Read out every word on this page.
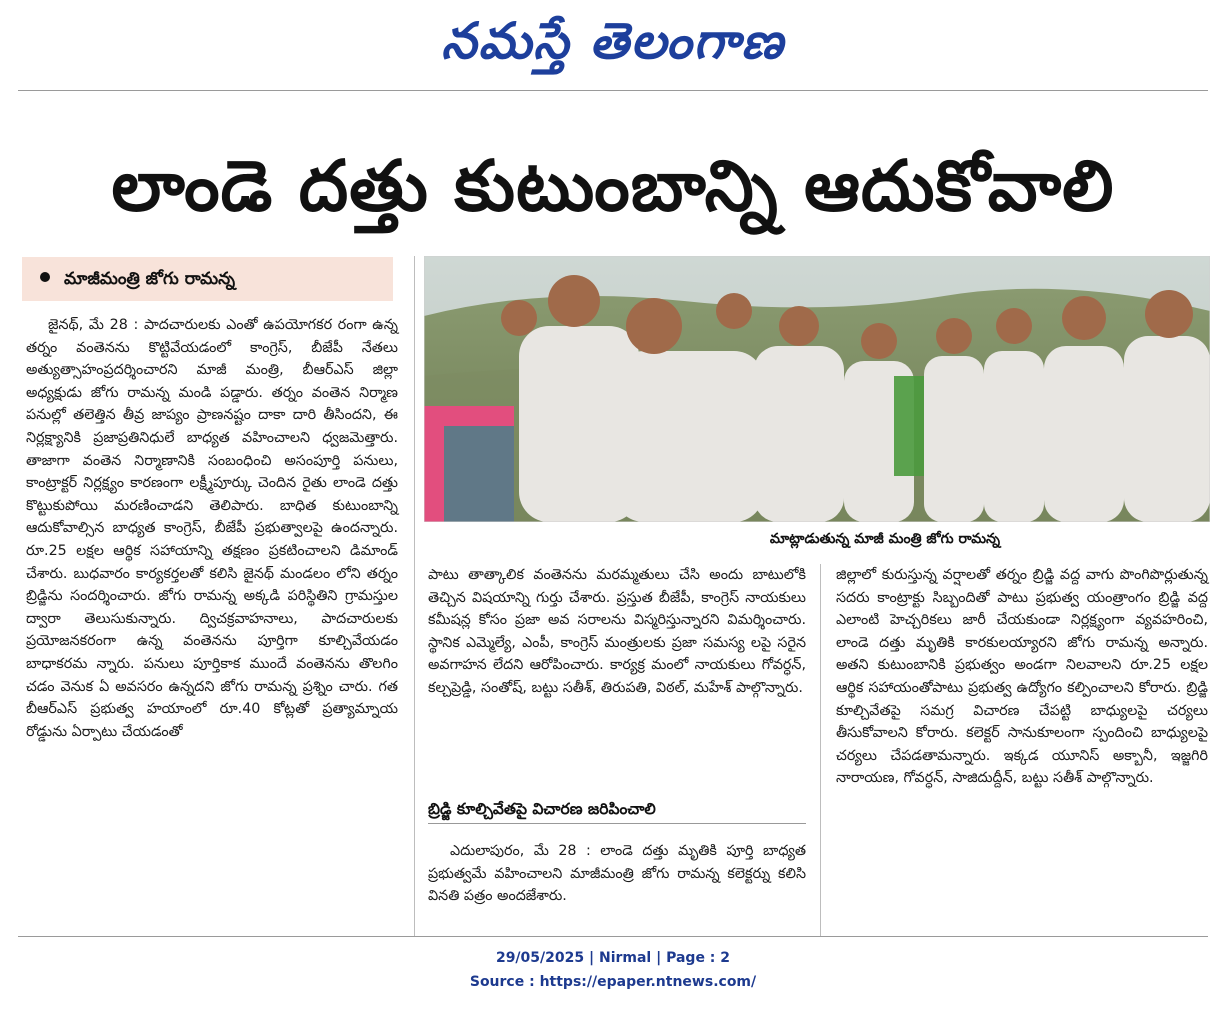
నమస్తే తెలంగాణ
లాండె దత్తు కుటుంబాన్ని ఆదుకోవాలి
మాజీమంత్రి జోగు రామన్న
మాట్లాడుతున్న మాజీ మంత్రి జోగు రామన్న

జైనథ్, మే 28 : పాదచారులకు ఎంతో ఉపయోగకర రంగా ఉన్న తర్నం వంతెనను కొట్టివేయడంలో కాంగ్రెస్, బీజేపీ నేతలు అత్యుత్సాహంప్రదర్శించారని మాజీ మంత్రి, బీఆర్ఎస్ జిల్లా అధ్యక్షుడు జోగు రామన్న మండి పడ్డారు. తర్నం వంతెన నిర్మాణ పనుల్లో తలెత్తిన తీవ్ర జాప్యం ప్రాణనష్టం దాకా దారి తీసిందని, ఈ నిర్లక్ష్యానికి ప్రజాప్రతినిధులే బాధ్యత వహించాలని ధ్వజమెత్తారు. తాజాగా వంతెన నిర్మాణానికి సంబంధించి అసంపూర్తి పనులు, కాంట్రాక్టర్ నిర్లక్ష్యం కారణంగా లక్ష్మీపూర్కు చెందిన రైతు లాండె దత్తు కొట్టుకుపోయి మరణించాడని తెలిపారు. బాధిత కుటుంబాన్ని ఆదుకోవాల్సిన బాధ్యత కాంగ్రెస్, బీజేపీ ప్రభుత్వాలపై ఉందన్నారు. రూ.25 లక్షల ఆర్థిక సహాయాన్ని తక్షణం ప్రకటించాలని డిమాండ్ చేశారు. బుధవారం కార్యకర్తలతో కలిసి జైనథ్ మండలం లోని తర్నం బ్రిడ్జిను సందర్శించారు. జోగు రామన్న అక్కడి పరిస్థితిని గ్రామస్తుల ద్వారా తెలుసుకున్నారు. ద్విచక్రవాహనాలు, పాదచారులకు ప్రయోజనకరంగా ఉన్న వంతెనను పూర్తిగా కూల్చివేయడం బాధాకరమ న్నారు. పనులు పూర్తికాక ముందే వంతెనను తొలగిం చడం వెనుక ఏ అవసరం ఉన్నదని జోగు రామన్న ప్రశ్నిం చారు. గత బీఆర్ఎస్ ప్రభుత్వ హయాంలో రూ.40 కోట్లతో ప్రత్యామ్నాయ రోడ్డును ఏర్పాటు చేయడంతో

పాటు తాత్కాలిక వంతెనను మరమ్మతులు చేసి అందు బాటులోకి తెచ్చిన విషయాన్ని గుర్తు చేశారు. ప్రస్తుత బీజేపీ, కాంగ్రెస్ నాయకులు కమీషన్ల కోసం ప్రజా అవ సరాలను విస్మరిస్తున్నారని విమర్శించారు. స్థానిక ఎమ్మెల్యే, ఎంపీ, కాంగ్రెస్ మంత్రులకు ప్రజా సమస్య లపై సరైన అవగాహన లేదని ఆరోపించారు. కార్యక్ర మంలో నాయకులు గోవర్ధన్, కల్చప్రెడ్డి, సంతోష్, బట్టు సతీశ్, తిరుపతి, విఠల్, మహేశ్ పాల్గొన్నారు.

బ్రిడ్జి కూల్చివేతపై విచారణ జరిపించాలి

ఎదులాపురం, మే 28 : లాండె దత్తు మృతికి పూర్తి బాధ్యత ప్రభుత్వమే వహించాలని మాజీమంత్రి జోగు రామన్న కలెక్టర్ను కలిసి వినతి పత్రం అందజేశారు.

జిల్లాలో కురుస్తున్న వర్షాలతో తర్నం బ్రిడ్జి వద్ద వాగు పొంగిపొర్లుతున్న సదరు కాంట్రాక్టు సిబ్బందితో పాటు ప్రభుత్వ యంత్రాంగం బ్రిడ్జి వద్ద ఎలాంటి హెచ్చరికలు జారీ చేయకుండా నిర్లక్ష్యంగా వ్యవహరించి, లాండె దత్తు మృతికి కారకులయ్యారని జోగు రామన్న అన్నారు. అతని కుటుంబానికి ప్రభుత్వం అండగా నిలవాలని రూ.25 లక్షల ఆర్థిక సహాయంతోపాటు ప్రభుత్వ ఉద్యోగం కల్పించాలని కోరారు. బ్రిడ్జి కూల్చివేతపై సమగ్ర విచారణ చేపట్టి బాధ్యులపై చర్యలు తీసుకోవాలని కోరారు. కలెక్టర్ సానుకూలంగా స్పందించి బాధ్యులపై చర్యలు చేపడతామన్నారు. ఇక్కడ యూనిస్ అక్బానీ, ఇజ్జగిరి నారాయణ, గోవర్ధన్, సాజిదుద్దీన్, బట్టు సతీశ్ పాల్గొన్నారు.

29/05/2025 | Nirmal | Page : 2
Source : https://epaper.ntnews.com/
